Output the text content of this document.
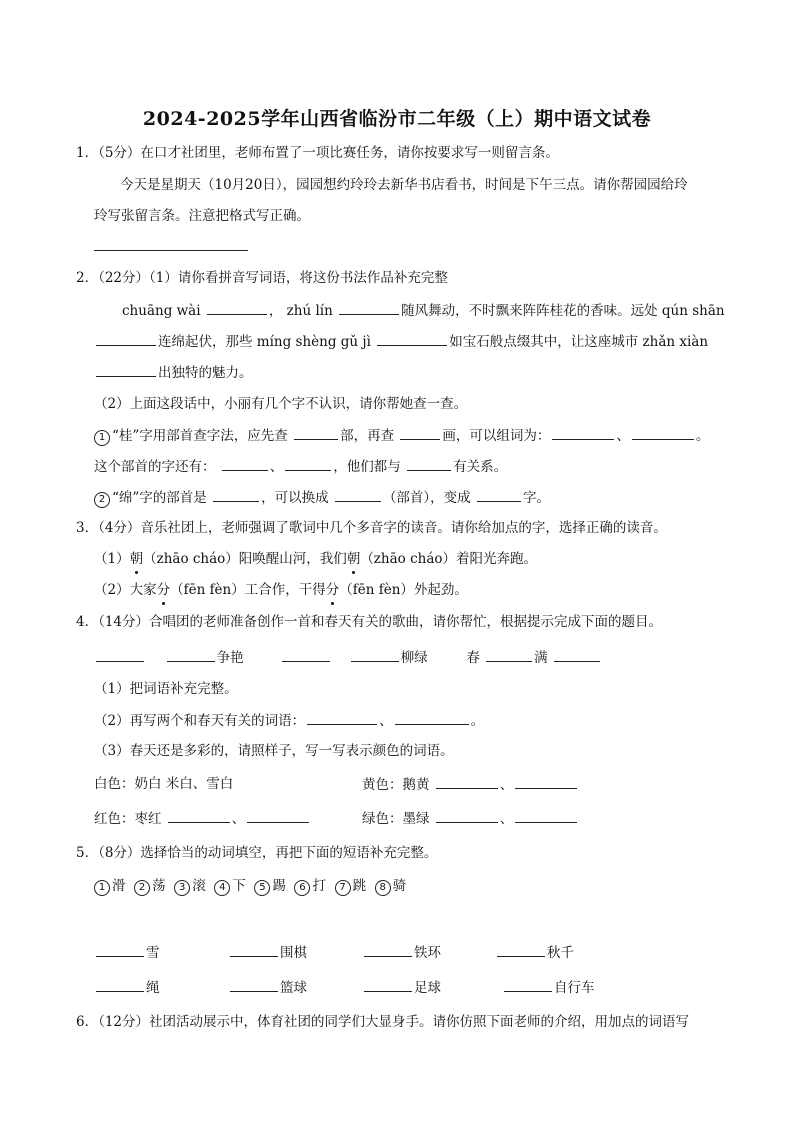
2024-2025学年山西省临汾市二年级（上）期中语文试卷
1．（5分）在口才社团里，老师布置了一项比赛任务，请你按要求写一则留言条。
今天是星期天（10月20日），园园想约玲玲去新华书店看书，时间是下午三点。请你帮园园给玲
玲写张留言条。注意把格式写正确。
2．（22分）（1）请你看拼音写词语，将这份书法作品补充完整
chuāng wài	， zhú lín	随风舞动，不时飘来阵阵桂花的香味。远处 qún shān
连绵起伏，那些 míng shèng gǔ jì	如宝石般点缀其中，让这座城市 zhǎn xiàn
出独特的魅力。
（2）上面这段话中，小丽有几个字不认识，请你帮她查一查。
1 “桂”字用部首查字法，应先查	部，再查	画，可以组词为：	、	。
这个部首的字还有：	、	，他们都与	有关系。
2 “绵”字的部首是	，可以换成	（部首），变成	字。
3．（4分）音乐社团上，老师强调了歌词中几个多音字的读音。请你给加点的字，选择正确的读音。
（1）朝（zhāo cháo）阳唤醒山河，我们朝（zhāo cháo）着阳光奔跑。
（2）大家分（fēn fèn）工合作，干得分（fēn fèn）外起劲。
4．（14分）合唱团的老师准备创作一首和春天有关的歌曲，请你帮忙，根据提示完成下面的题目。
争艳	柳绿	春	满
（1）把词语补充完整。
（2）再写两个和春天有关的词语：	、	。
（3）春天还是多彩的，请照样子，写一写表示颜色的词语。
白色：奶白 米白、雪白	黄色：鹅黄	、
红色：枣红	、	绿色：墨绿	、
5．（8分）选择恰当的动词填空，再把下面的短语补充完整。
1 滑 2 荡 3 滚 4 下 5 踢 6 打 7 跳 8 骑
雪	围棋	铁环	秋千
绳	篮球	足球	自行车
6．（12分）社团活动展示中，体育社团的同学们大显身手。请你仿照下面老师的介绍，用加点的词语写
